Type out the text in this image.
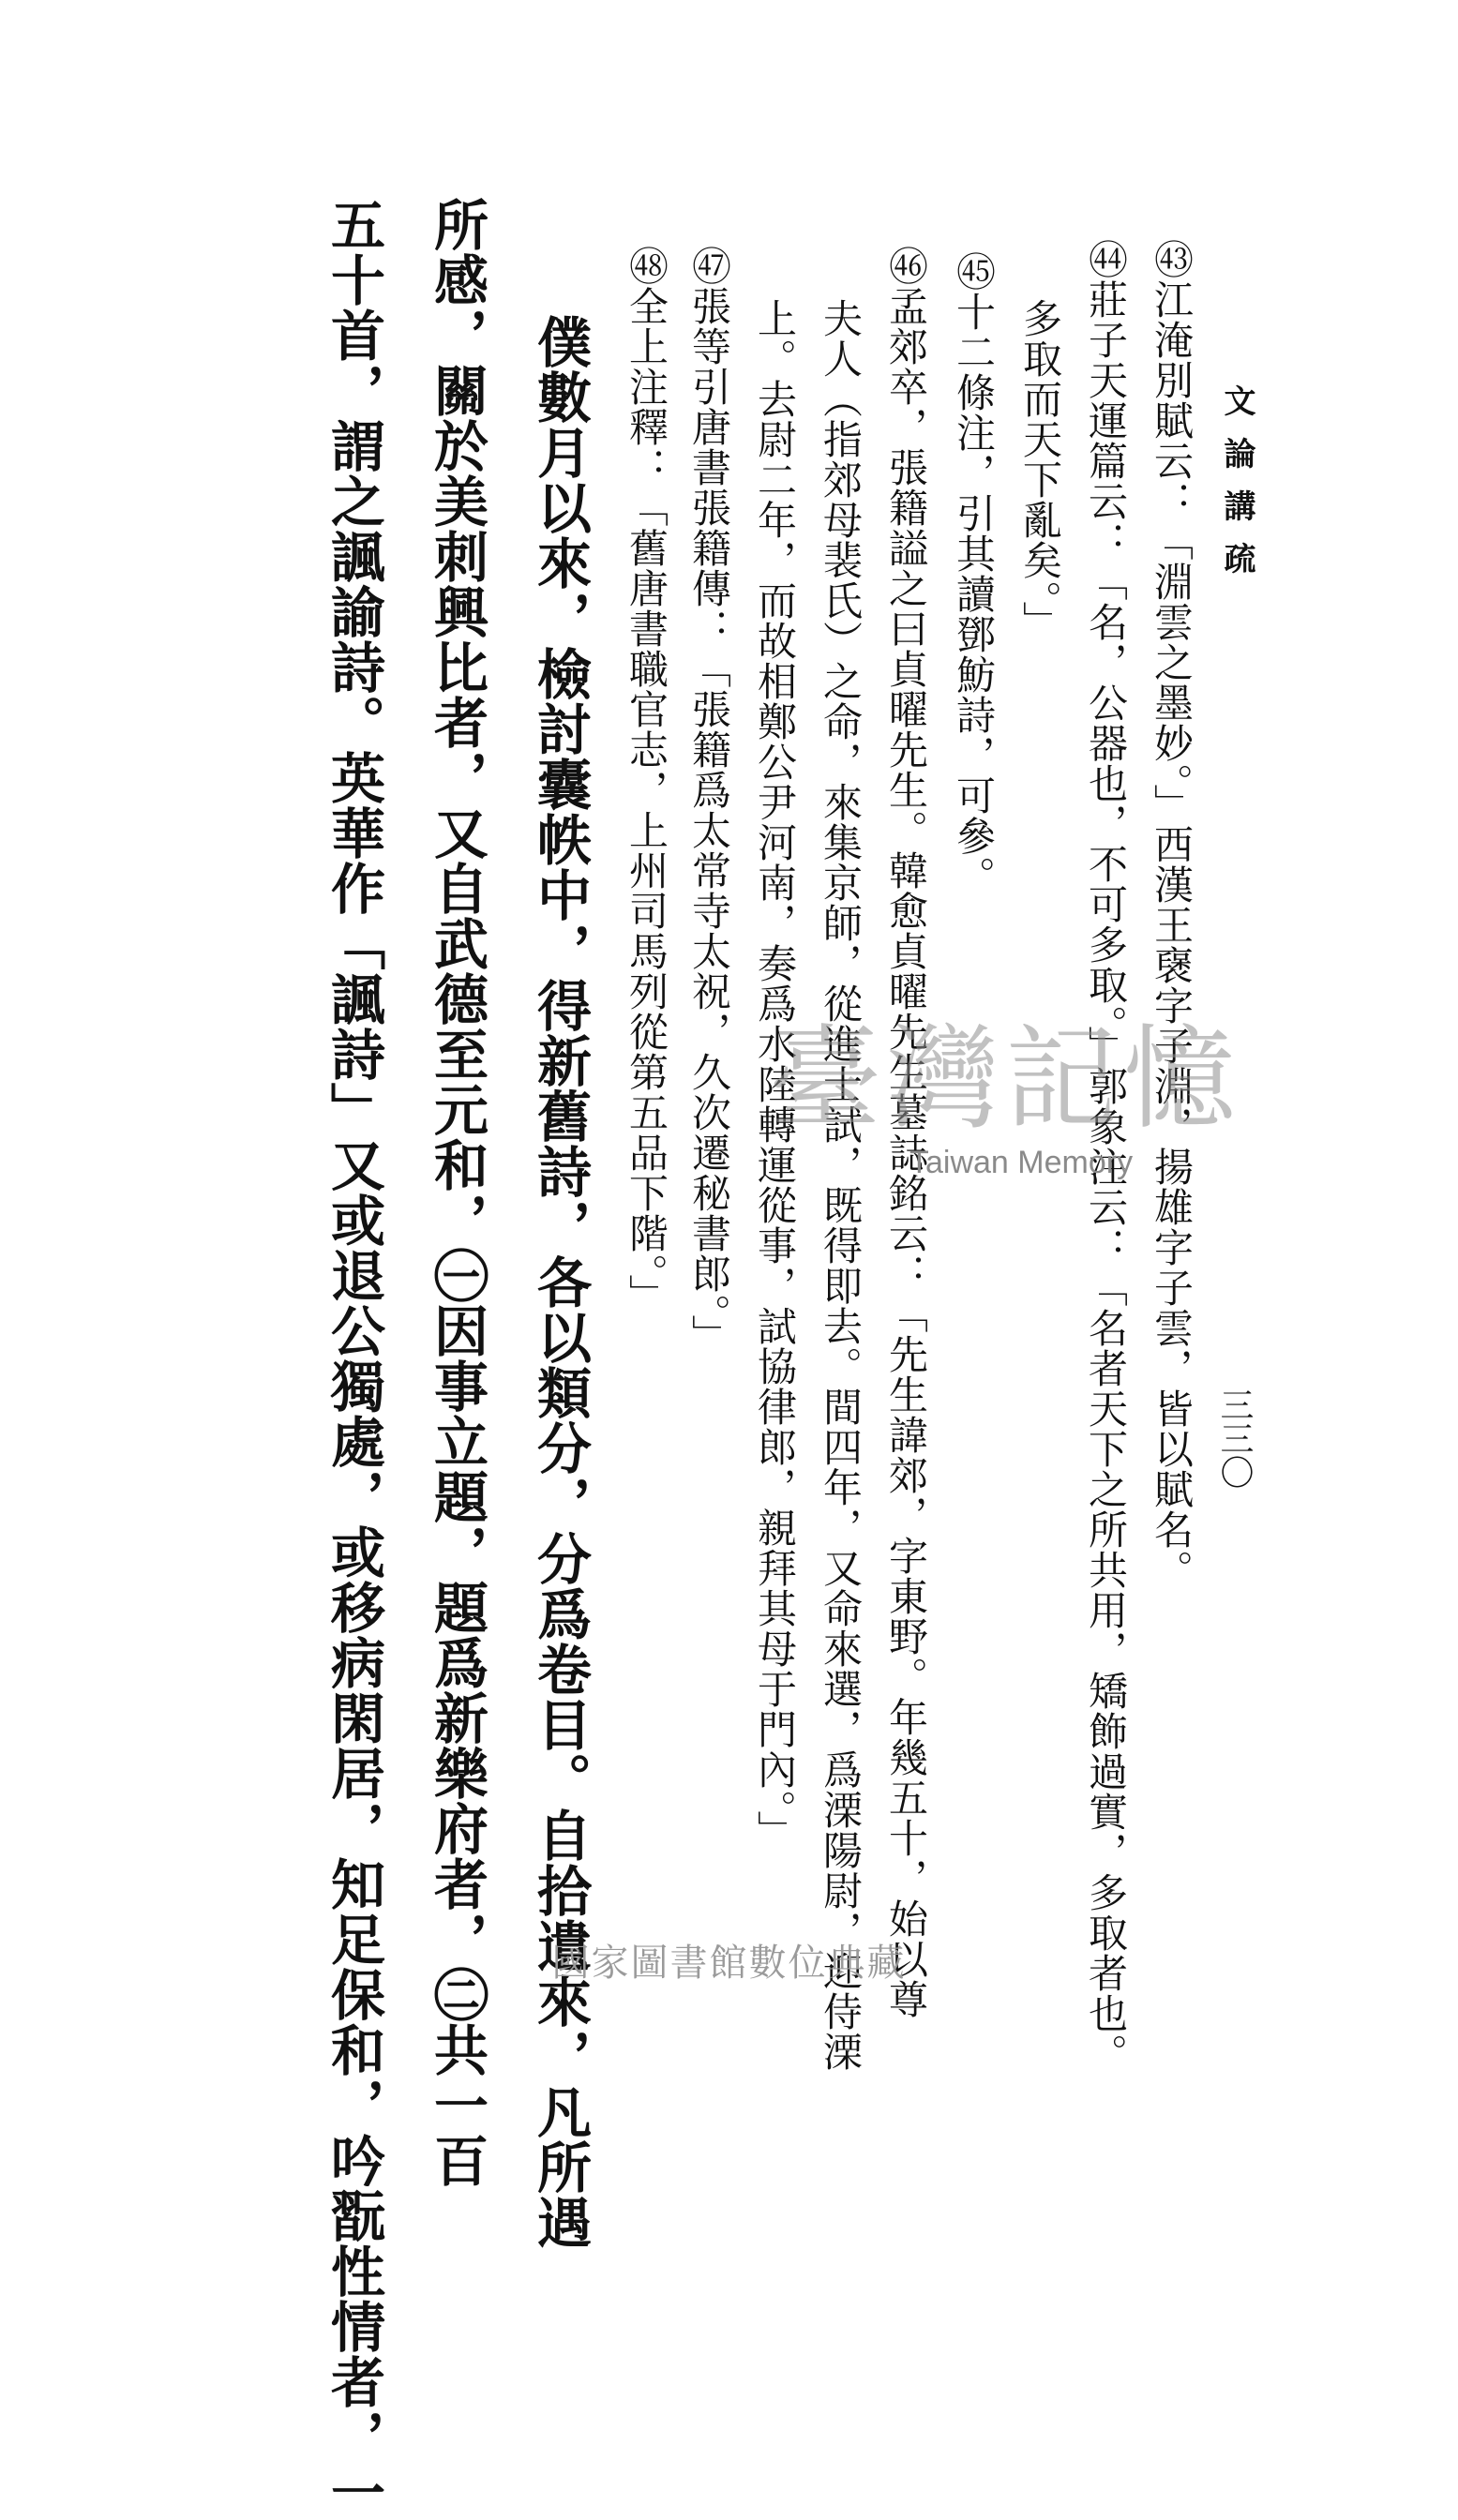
文論講疏
三三〇
㊸江淹別賦云：「淵雲之墨妙。」西漢王襃字子淵，揚雄字子雲，皆以賦名。
㊹莊子天運篇云：「名，公器也，不可多取。」郭象注云：「名者天下之所共用，矯飾過實，多取者也。
多取而天下亂矣。」
㊺十二條注，引其讀鄧魴詩，可參。
㊻孟郊卒，張籍謚之曰貞曜先生。韓愈貞曜先生墓誌銘云：「先生諱郊，字東野。年幾五十，始以尊
夫人（指郊母裴氏）之命，來集京師，從進士試，既得即去。間四年，又命來選，爲溧陽尉，迎侍溧
上。去尉二年，而故相鄭公尹河南，奏爲水陸轉運從事，試協律郎，親拜其母于門內。」
㊼張等引唐書張籍傳：「張籍爲太常寺太祝，久次遷秘書郎。」
㊽全上注釋：「舊唐書職官志，上州司馬列從第五品下階。」
僕數月以來，檢討囊帙中，得新舊詩，各以類分，分爲卷目。自拾遺來，凡所遇
所感，關於美刺興比者，又自武德至元和，㊀因事立題，題爲新樂府者，㊁共一百
五十首，謂之諷諭詩。英華作「諷詩」又或退公獨處，或移病閑居，知足保和，吟翫性情者，一	臺灣記憶
Taiwan Memory
國家圖書館數位典藏
